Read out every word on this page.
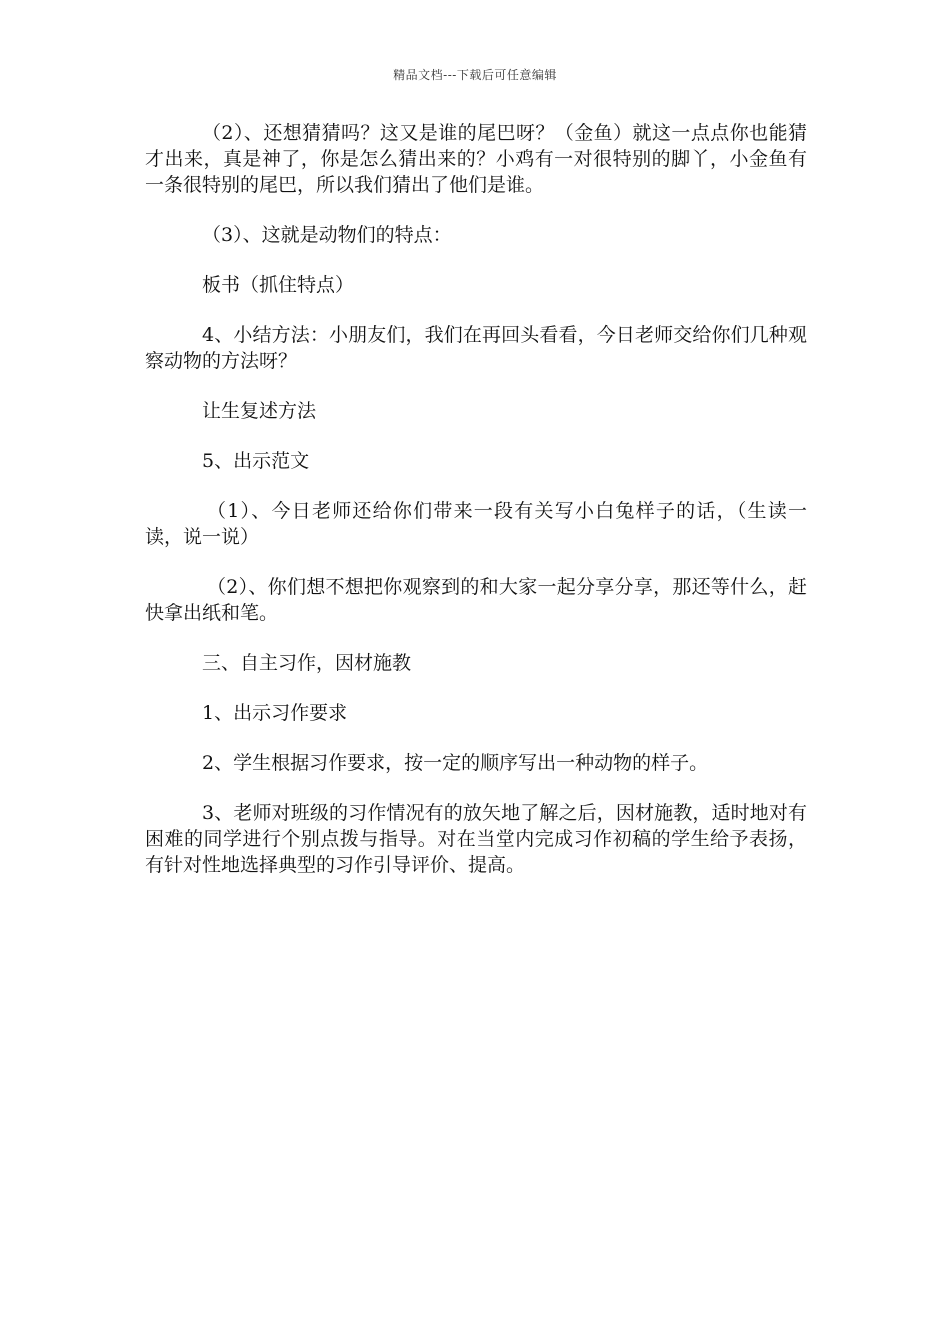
精品文档---下载后可任意编辑

（2）、还想猜猜吗？这又是谁的尾巴呀？（金鱼）就这一点点你也能猜才出来，真是神了，你是怎么猜出来的？小鸡有一对很特别的脚丫，小金鱼有一条很特别的尾巴，所以我们猜出了他们是谁。

（3）、这就是动物们的特点：

板书（抓住特点）

4、小结方法：小朋友们，我们在再回头看看，今日老师交给你们几种观察动物的方法呀？

让生复述方法

5、出示范文

（1）、今日老师还给你们带来一段有关写小白兔样子的话，（生读一读，说一说）

（2）、你们想不想把你观察到的和大家一起分享分享，那还等什么，赶快拿出纸和笔。

三、自主习作，因材施教

1、出示习作要求

2、学生根据习作要求，按一定的顺序写出一种动物的样子。

3、老师对班级的习作情况有的放矢地了解之后，因材施教，适时地对有困难的同学进行个别点拨与指导。对在当堂内完成习作初稿的学生给予表扬，有针对性地选择典型的习作引导评价、提高。
